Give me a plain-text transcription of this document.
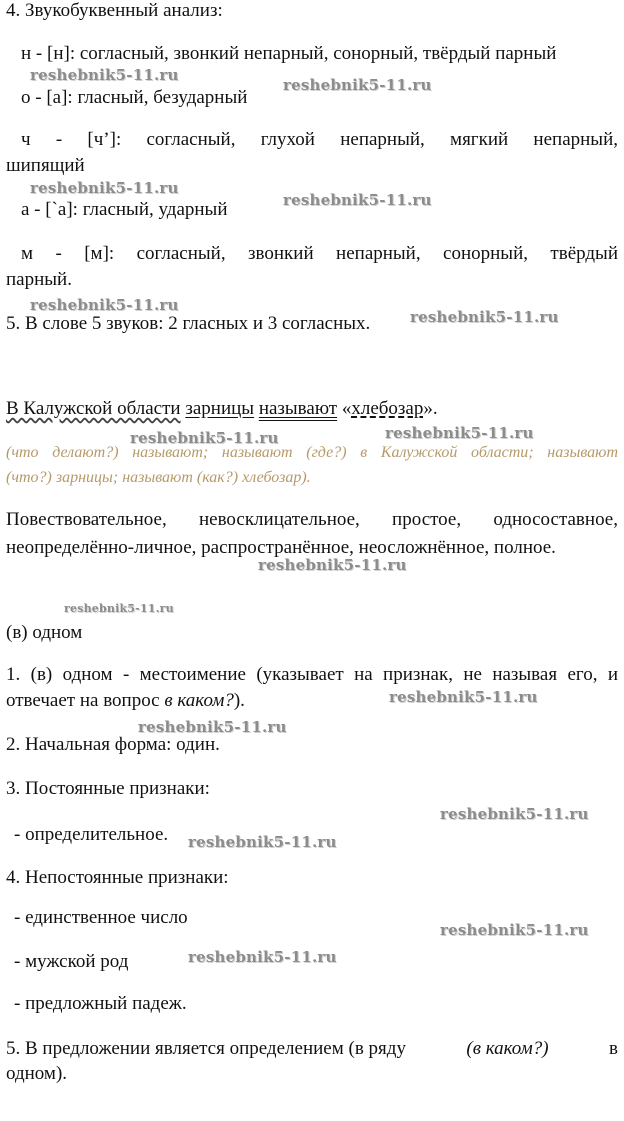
4. Звукобуквенный анализ:
н - [н]: согласный, звонкий непарный, сонорный, твёрдый парный
о - [а]: гласный, безударный
ч - [ч’]: согласный, глухой непарный, мягкий непарный,
шипящий
а - [`а]: гласный, ударный
м - [м]: согласный, звонкий непарный, сонорный, твёрдый
парный.
5. В слове 5 звуков: 2 гласных и 3 согласных.
В Калужской области зарницы называют «хлебозар».
(что делают?) называют; называют (где?) в Калужской области; называют
(что?) зарницы; называют (как?) хлебозар).
Повествовательное, невосклицательное, простое, односоставное,
неопределённо-личное, распространённое, неосложнённое, полное.
(в) одном
1. (в) одном - местоимение (указывает на признак, не называя его, и
отвечает на вопрос в каком?).
2. Начальная форма: один.
3. Постоянные признаки:
- определительное.
4. Непостоянные признаки:
- единственное число
- мужской род
- предложный падеж.
5. В предложении является определением (в ряду	(в каком?)	в
одном).
reshebnik5-11.ru
reshebnik5-11.ru
reshebnik5-11.ru
reshebnik5-11.ru
reshebnik5-11.ru
reshebnik5-11.ru
reshebnik5-11.ru	reshebnik5-11.ru
reshebnik5-11.ru
reshebnik5-11.ru
reshebnik5-11.ru
reshebnik5-11.ru
reshebnik5-11.ru
reshebnik5-11.ru
reshebnik5-11.ru
reshebnik5-11.ru
